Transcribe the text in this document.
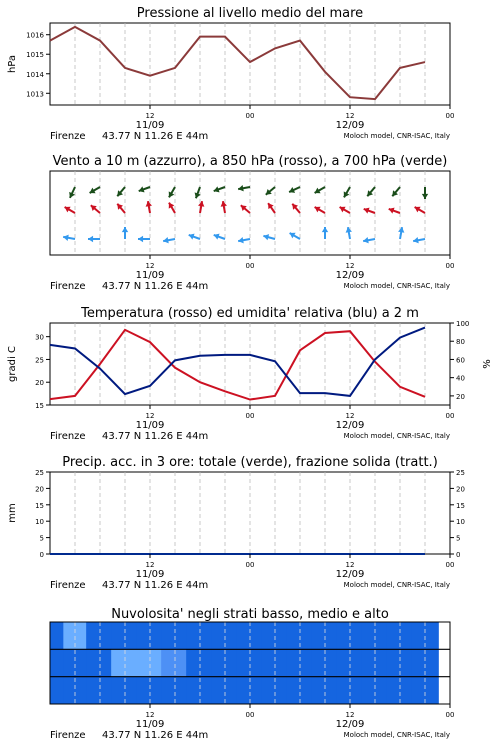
Pressione al livello medio del mare
1013
1014
1015
1016
hPa
12	00	12	00
11/09	12/09
Firenze 43.77 N 11.26 E 44m	Moloch model, CNR-ISAC, Italy
Vento a 10 m (azzurro), a 850 hPa (rosso), a 700 hPa (verde)
12	00	12	00
11/09	12/09
Firenze 43.77 N 11.26 E 44m	Moloch model, CNR-ISAC, Italy
Temperatura (rosso) ed umidita' relativa (blu) a 2 m
15
20
25
30
20
40
60
80
100
gradi C	%
12	00	12	00
11/09	12/09
Firenze 43.77 N 11.26 E 44m	Moloch model, CNR-ISAC, Italy
Precip. acc. in 3 ore: totale (verde), frazione solida (tratt.)
0
5
10
15
20
25
0
5
10
15
20
25
mm
12	00	12	00
11/09	12/09
Firenze 43.77 N 11.26 E 44m	Moloch model, CNR-ISAC, Italy
Nuvolosita' negli strati basso, medio e alto
12	00	12	00
11/09	12/09
Firenze 43.77 N 11.26 E 44m	Moloch model, CNR-ISAC, Italy
